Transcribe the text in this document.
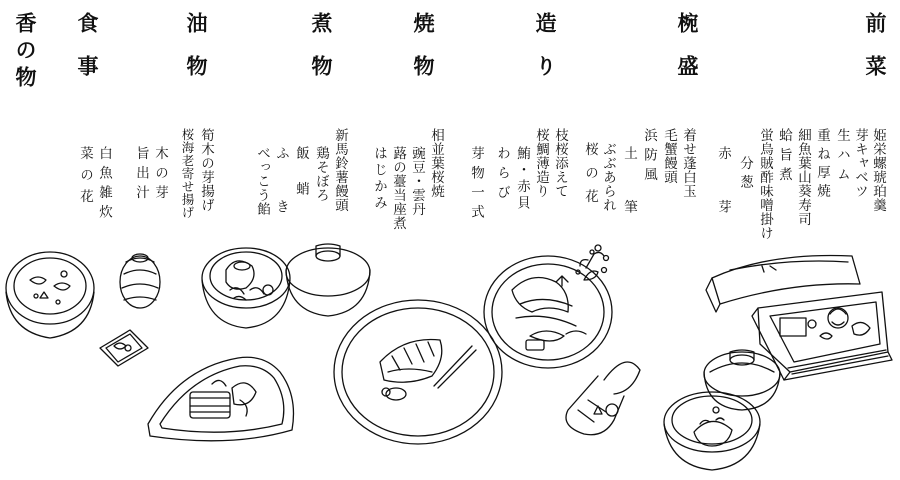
前菜
椀盛
造り
焼物
煮物
油物
食事
香の物
姫栄螺琥珀羹
芽キャベツ
生ハム
重ね厚焼
細魚葉山葵寿司
蛤旨煮
蛍烏賊酢味噌掛け
分葱
赤芽
着せ蓬白玉
毛蟹饅頭
浜防風
土筆
ぶぶあられ
桜の花
枝桜添えて
桜鯛薄造り
鮪・赤貝
わらび
芽物一式
相並葉桜焼
豌豆・雲丹
蕗の薹当座煮
はじかみ
新馬鈴薯饅頭
鶏そぼろ
飯蛸
ふき
べっこう餡
筍木の芽揚げ
桜海老寄せ揚げ
木の芽
旨出汁
白魚雑炊
菜の花
